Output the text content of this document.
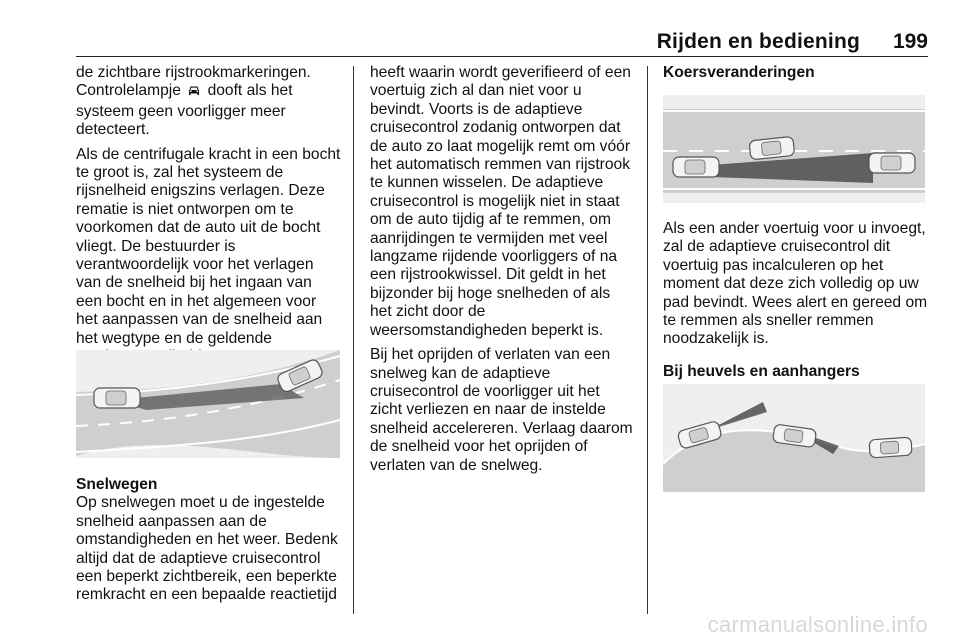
Rijden en bediening	199

de zichtbare rijstrookmarkeringen. Controlelampje dooft als het systeem geen voorligger meer detecteert.

Als de centrifugale kracht in een bocht te groot is, zal het systeem de rijsnelheid enigszins verlagen. Deze rematie is niet ontworpen om te voorkomen dat de auto uit de bocht vliegt. De bestuurder is verantwoordelijk voor het verlagen van de snelheid bij het ingaan van een bocht en in het algemeen voor het aanpassen van de snelheid aan het wegtype en de geldende

Snelwegen

Op snelwegen moet u de ingestelde snelheid aanpassen aan de omstandigheden en het weer. Bedenk altijd dat de adaptieve cruisecontrol een beperkt zichtbereik, een beperkte remkracht en een bepaalde reactietijd

heeft waarin wordt geverifieerd of een voertuig zich al dan niet voor u bevindt. Voorts is de adaptieve cruisecontrol zodanig ontworpen dat de auto zo laat mogelijk remt om vóór het automatisch remmen van rijstrook te kunnen wisselen. De adaptieve cruisecontrol is mogelijk niet in staat om de auto tijdig af te remmen, om aanrijdingen te vermijden met veel langzame rijdende voorliggers of na een rijstrookwissel. Dit geldt in het bijzonder bij hoge snelheden of als het zicht door de weersomstandigheden beperkt is.

Bij het oprijden of verlaten van een snelweg kan de adaptieve cruisecontrol de voorligger uit het zicht verliezen en naar de instelde snelheid accelereren. Verlaag daarom de snelheid voor het oprijden of verlaten van de snelweg.

Koersveranderingen

Als een ander voertuig voor u invoegt, zal de adaptieve cruisecontrol dit voertuig pas incalculeren op het moment dat deze zich volledig op uw pad bevindt. Wees alert en gereed om te remmen als sneller remmen noodzakelijk is.

Bij heuvels en aanhangers

carmanualsonline.info
